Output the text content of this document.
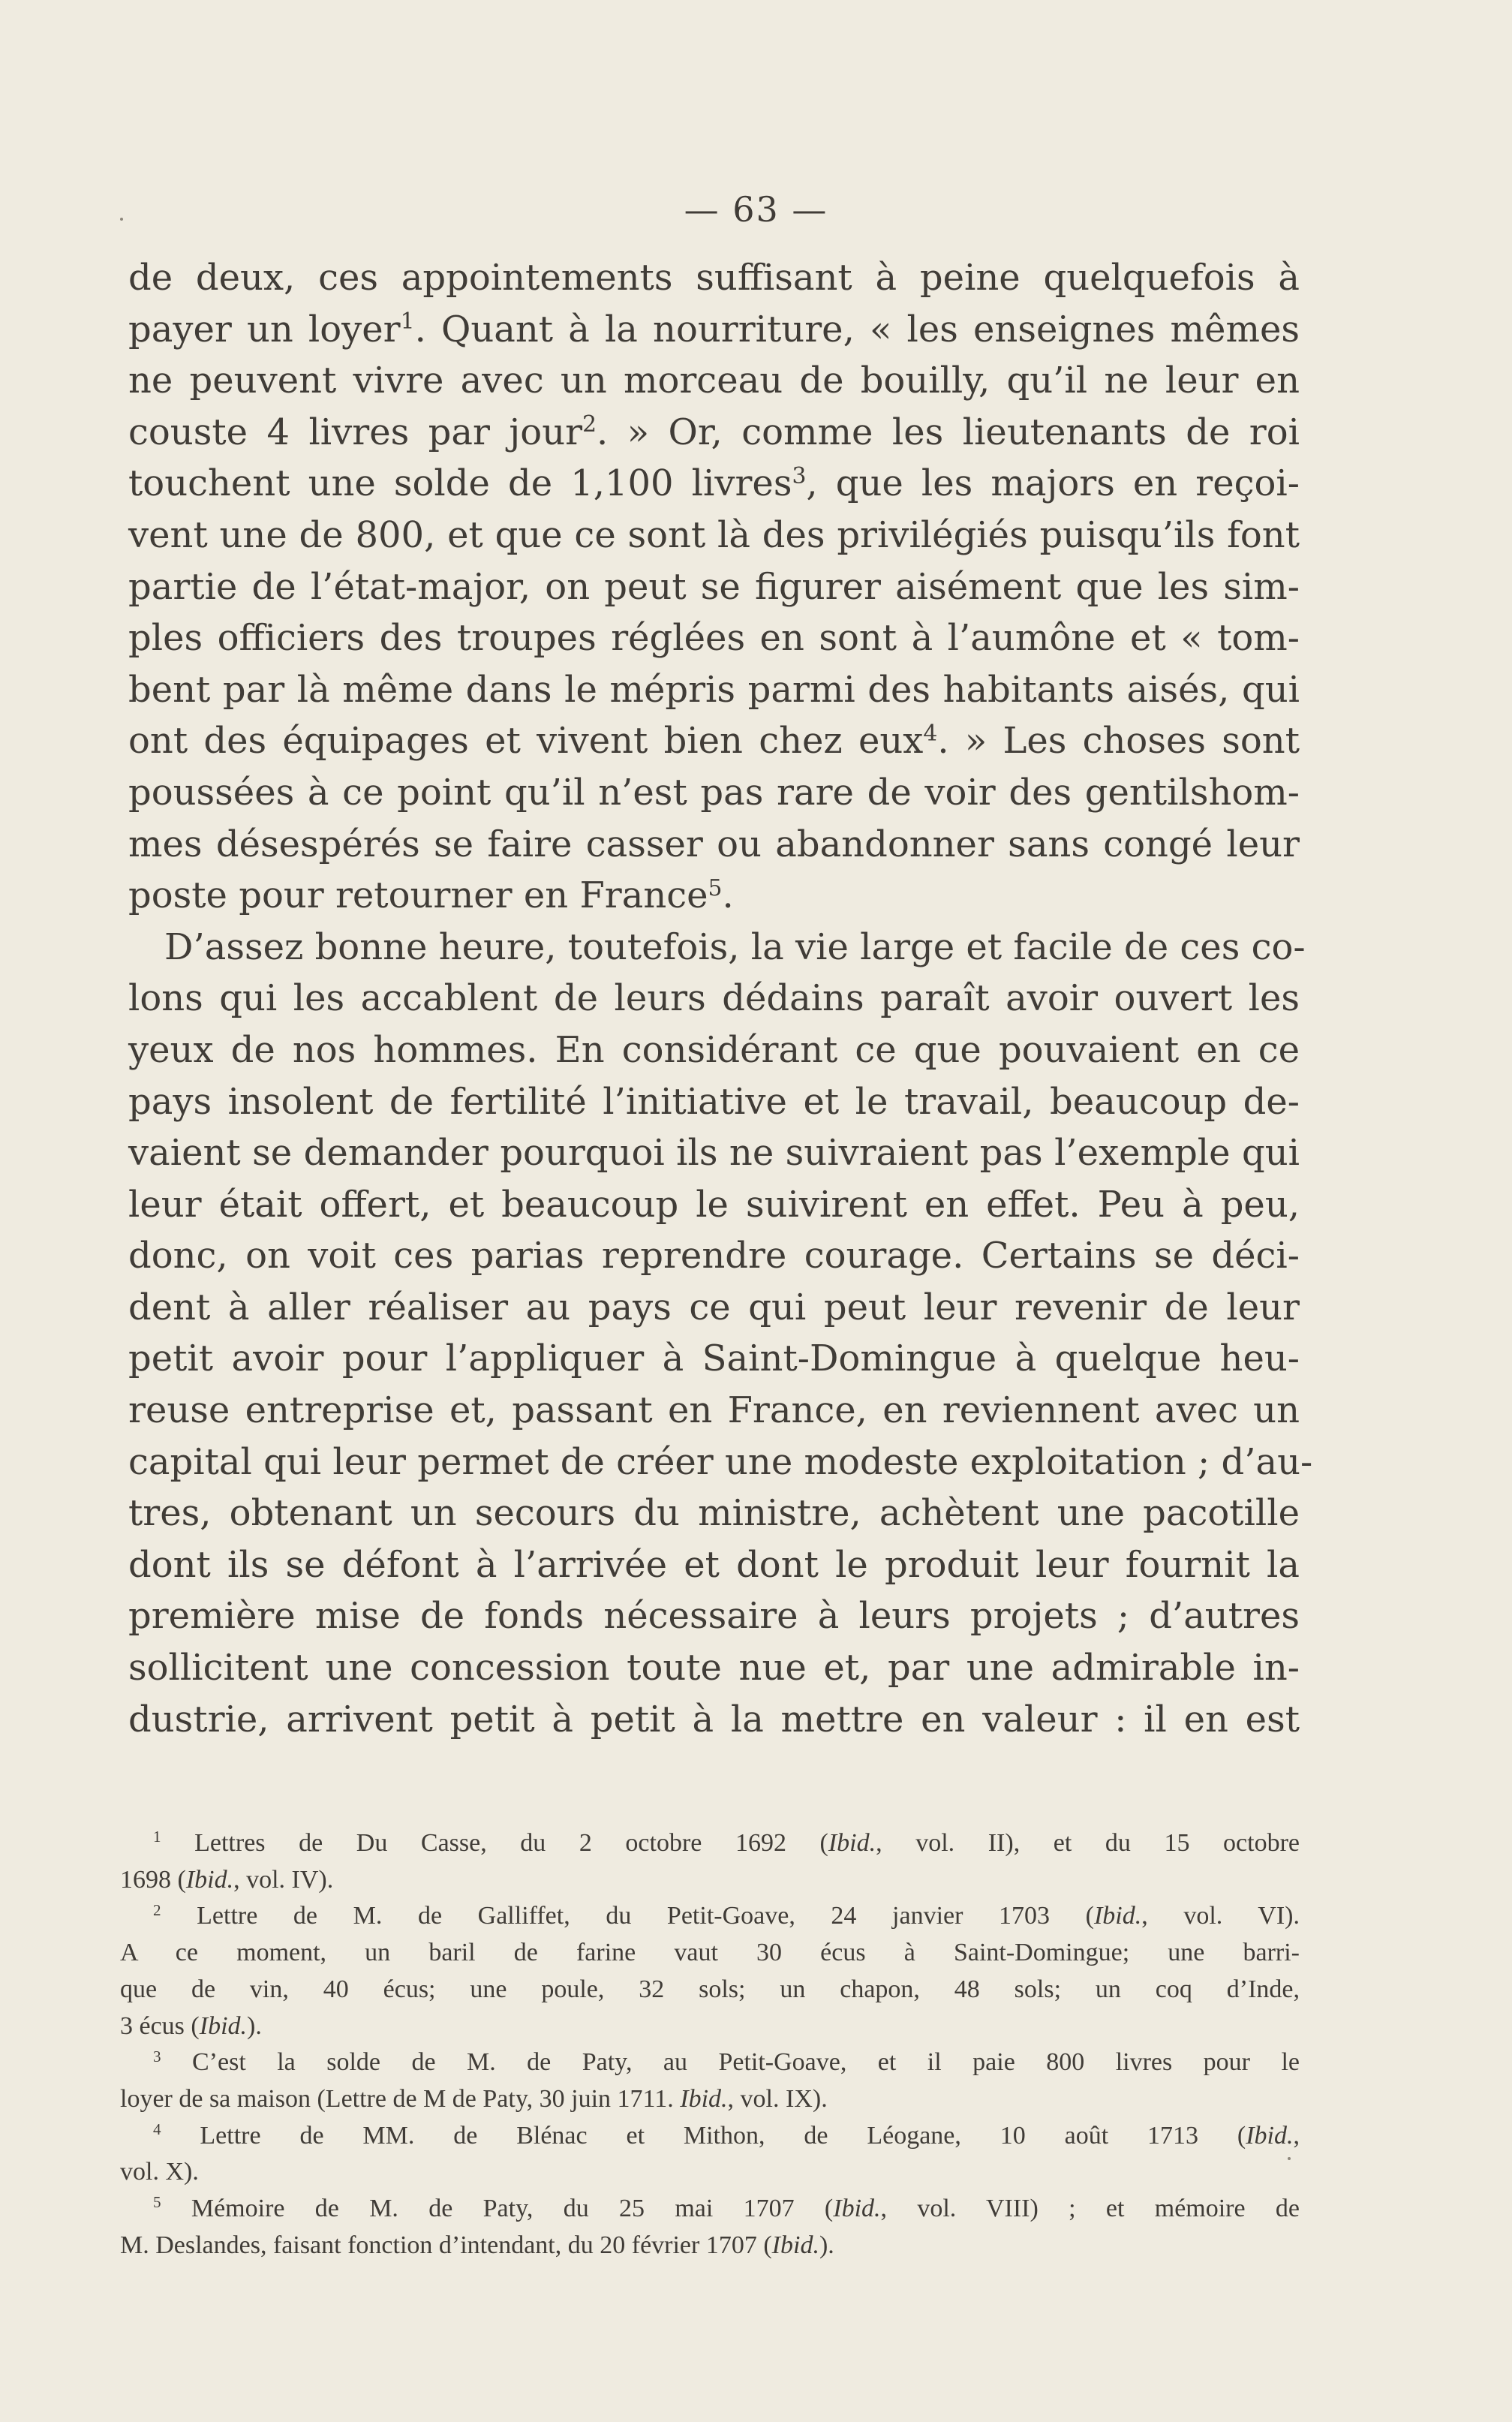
— 63 —
de deux, ces appointements suffisant à peine quelquefois à
payer un loyer$^1$. Quant à la nourriture, « les enseignes mêmes
ne peuvent vivre avec un morceau de bouilly, qu’il ne leur en
couste 4 livres par jour$^2$. » Or, comme les lieutenants de roi
touchent une solde de 1,100 livres$^3$, que les majors en reçoi-
vent une de 800, et que ce sont là des privilégiés puisqu’ils font
partie de l’état-major, on peut se figurer aisément que les sim-
ples officiers des troupes réglées en sont à l’aumône et « tom-
bent par là même dans le mépris parmi des habitants aisés, qui
ont des équipages et vivent bien chez eux$^4$. » Les choses sont
poussées à ce point qu’il n’est pas rare de voir des gentilshom-
mes désespérés se faire casser ou abandonner sans congé leur
poste pour retourner en France$^5$.
D’assez bonne heure, toutefois, la vie large et facile de ces co-
lons qui les accablent de leurs dédains paraît avoir ouvert les
yeux de nos hommes. En considérant ce que pouvaient en ce
pays insolent de fertilité l’initiative et le travail, beaucoup de-
vaient se demander pourquoi ils ne suivraient pas l’exemple qui
leur était offert, et beaucoup le suivirent en effet. Peu à peu,
donc, on voit ces parias reprendre courage. Certains se déci-
dent à aller réaliser au pays ce qui peut leur revenir de leur
petit avoir pour l’appliquer à Saint-Domingue à quelque heu-
reuse entreprise et, passant en France, en reviennent avec un
capital qui leur permet de créer une modeste exploitation ; d’au-
tres, obtenant un secours du ministre, achètent une pacotille
dont ils se défont à l’arrivée et dont le produit leur fournit la
première mise de fonds nécessaire à leurs projets ; d’autres
sollicitent une concession toute nue et, par une admirable in-
dustrie, arrivent petit à petit à la mettre en valeur : il en est
$^1$ Lettres de Du Casse, du 2 octobre 1692 (Ibid., vol. II), et du 15 octobre
1698 (Ibid., vol. IV).
$^2$ Lettre de M. de Galliffet, du Petit-Goave, 24 janvier 1703 (Ibid., vol. VI).
A ce moment, un baril de farine vaut 30 écus à Saint-Domingue; une barri-
que de vin, 40 écus; une poule, 32 sols; un chapon, 48 sols; un coq d’Inde,
3 écus (Ibid.).
$^3$ C’est la solde de M. de Paty, au Petit-Goave, et il paie 800 livres pour le
loyer de sa maison (Lettre de M de Paty, 30 juin 1711. Ibid., vol. IX).
$^4$ Lettre de MM. de Blénac et Mithon, de Léogane, 10 août 1713 (Ibid.,
vol. X).
$^5$ Mémoire de M. de Paty, du 25 mai 1707 (Ibid., vol. VIII) ; et mémoire de
M. Deslandes, faisant fonction d’intendant, du 20 février 1707 (Ibid.).
